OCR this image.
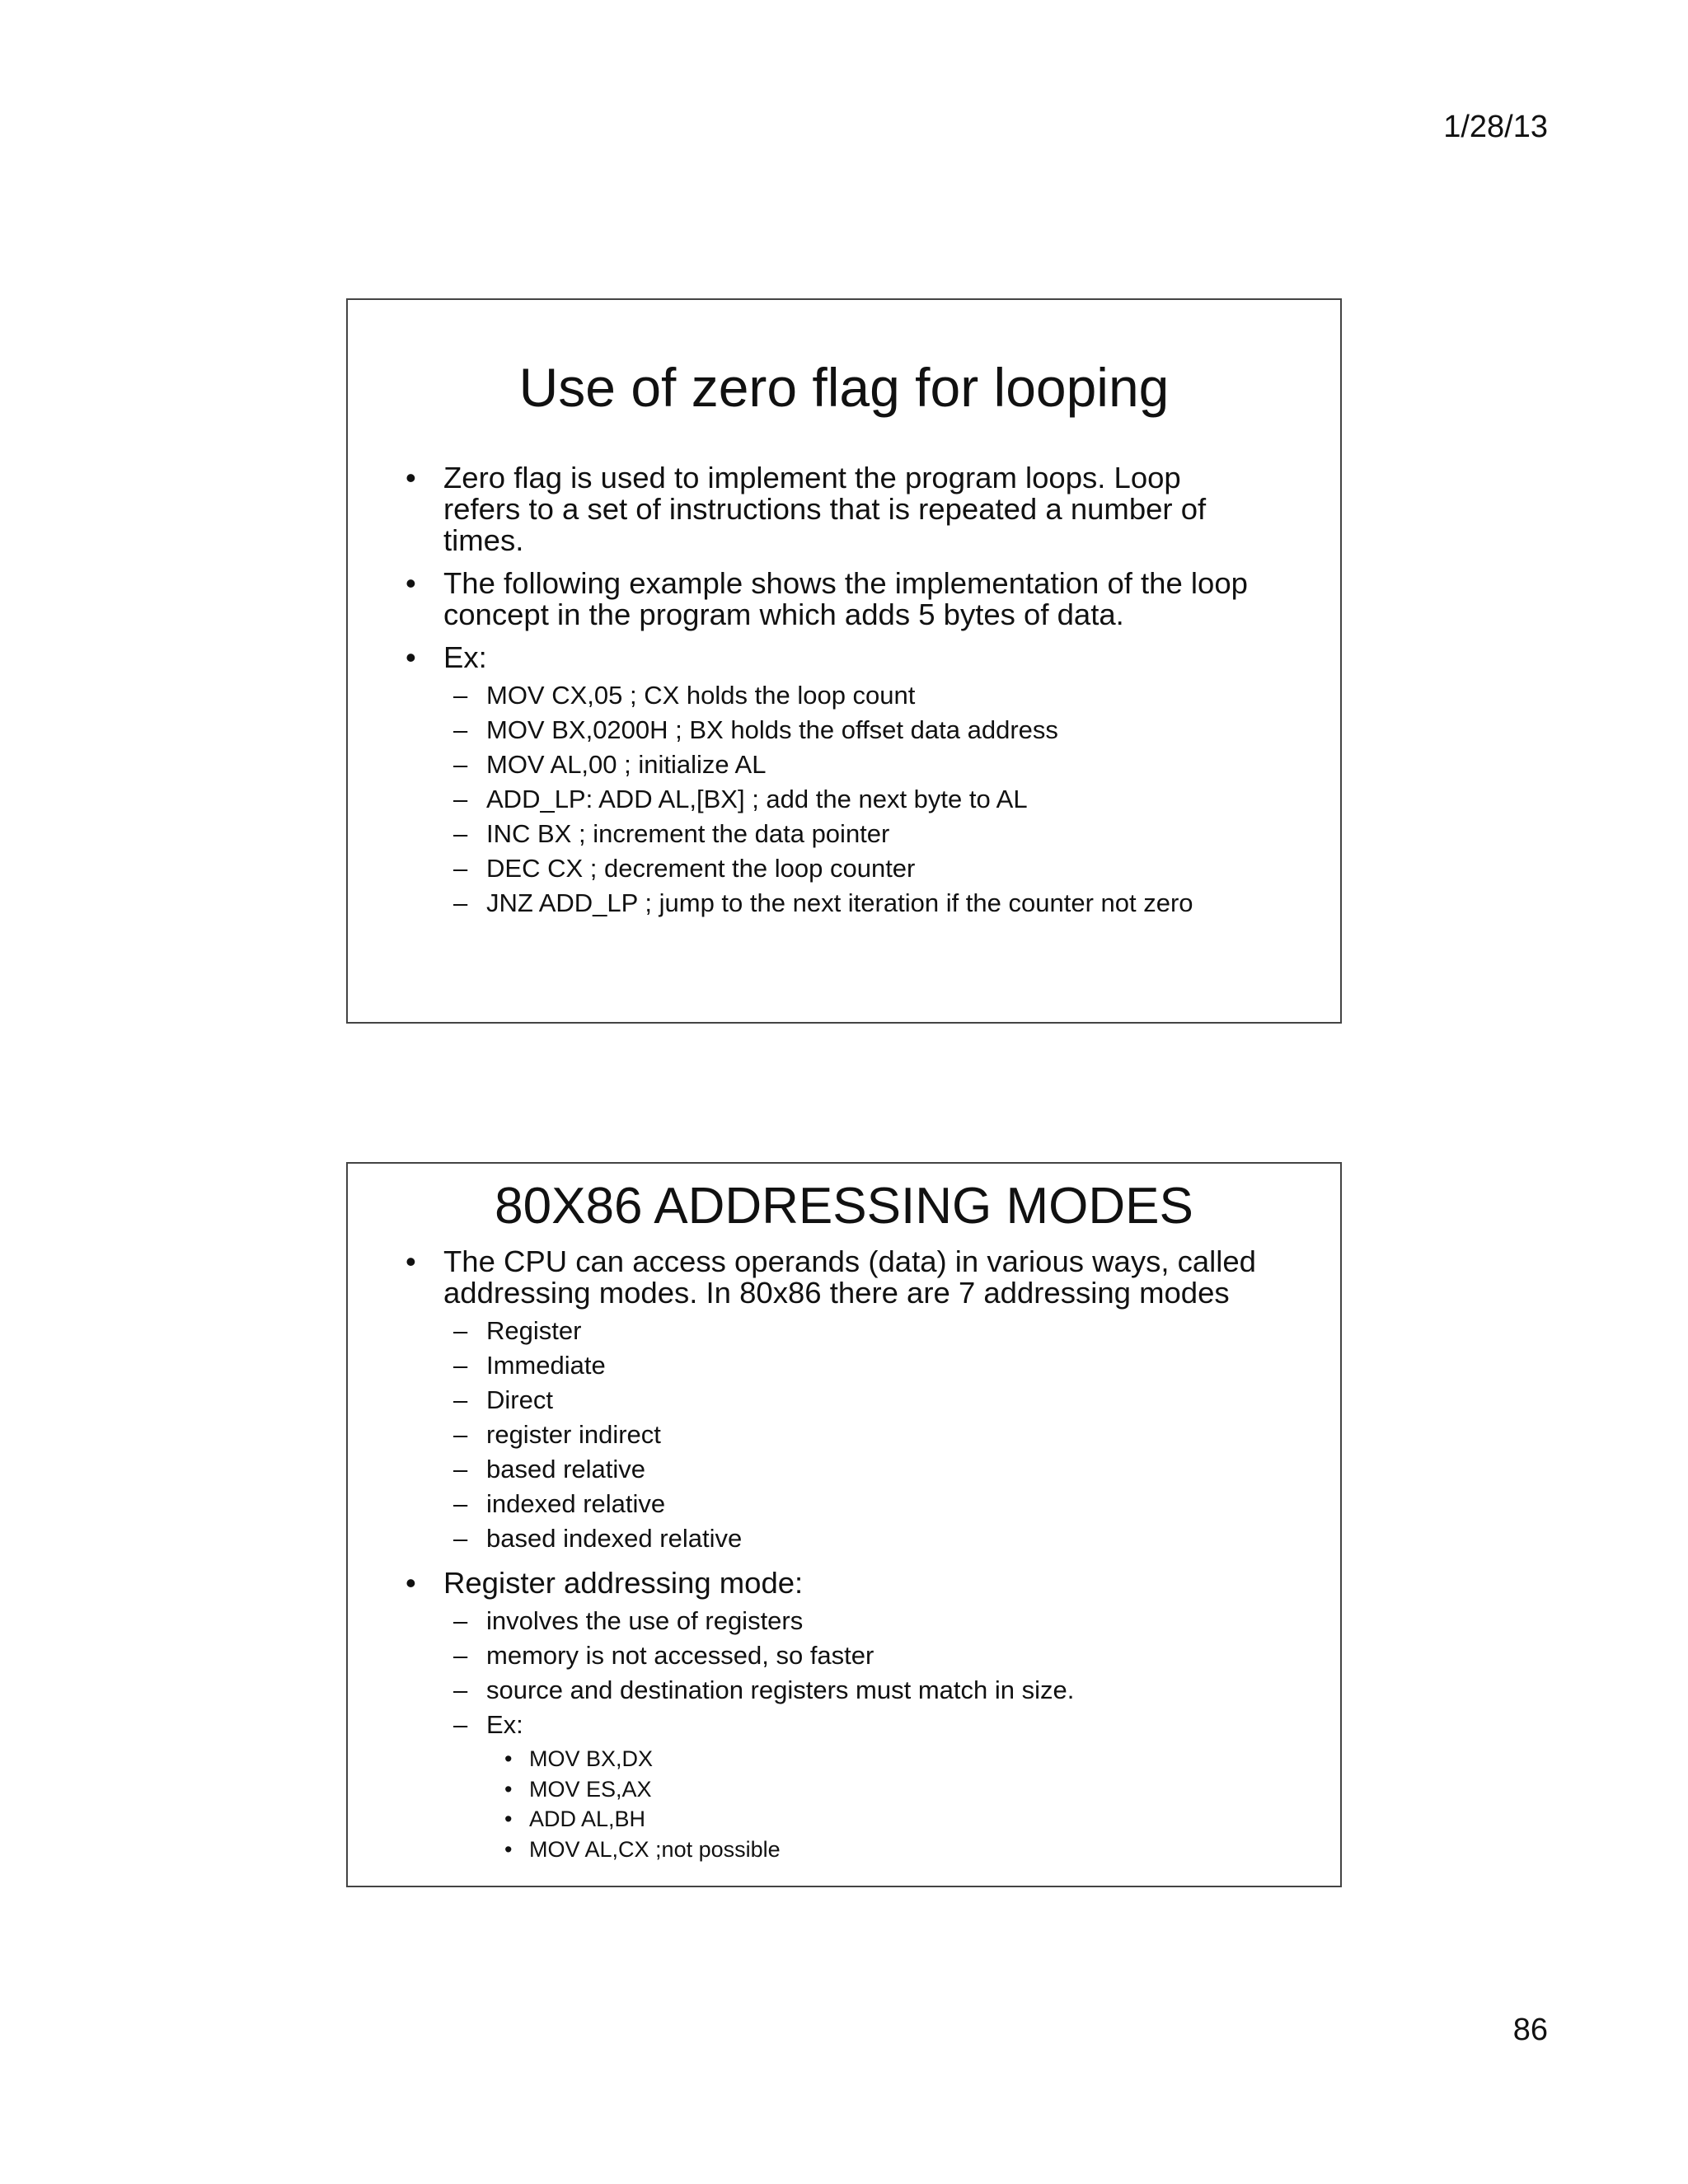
1/28/13
Use of zero flag for looping
• Zero flag is used to implement the program loops. Loop refers to a set of instructions that is repeated a number of times.
• The following example shows the implementation of the loop concept in the program which adds 5 bytes of data.
• Ex:
– MOV CX,05 ; CX holds the loop count
– MOV BX,0200H ; BX holds the offset data address
– MOV AL,00 ; initialize AL
– ADD_LP: ADD AL,[BX] ; add the next byte to AL
– INC BX ; increment the data pointer
– DEC CX ; decrement the loop counter
– JNZ ADD_LP ; jump to the next iteration if the counter not zero
80X86 ADDRESSING MODES
• The CPU can access operands (data) in various ways, called addressing modes. In 80x86 there are 7 addressing modes
– Register
– Immediate
– Direct
– register indirect
– based relative
– indexed relative
– based indexed relative
• Register addressing mode:
– involves the use of registers
– memory is not accessed, so faster
– source and destination registers must match in size.
– Ex:
• MOV BX,DX
• MOV ES,AX
• ADD AL,BH
• MOV AL,CX ;not possible
86
